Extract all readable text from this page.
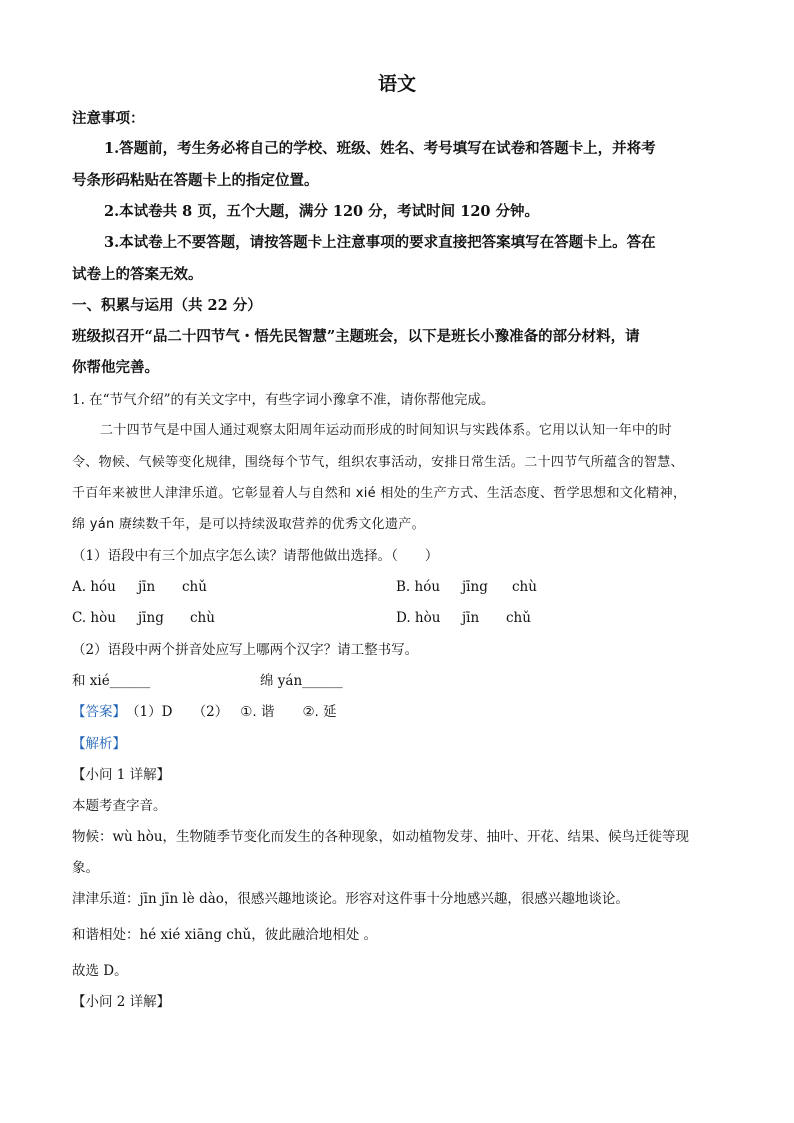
语文
注意事项：
1.答题前，考生务必将自己的学校、班级、姓名、考号填写在试卷和答题卡上，并将考
号条形码粘贴在答题卡上的指定位置。
2.本试卷共 8 页，五个大题，满分 120 分，考试时间 120 分钟。
3.本试卷上不要答题，请按答题卡上注意事项的要求直接把答案填写在答题卡上。答在
试卷上的答案无效。
一、积累与运用（共 22 分）
班级拟召开“品二十四节气・悟先民智慧”主题班会，以下是班长小豫准备的部分材料，请
你帮他完善。
1. 在“节气介绍”的有关文字中，有些字词小豫拿不准，请你帮他完成。
二十四节气是中国人通过观察太阳周年运动而形成的时间知识与实践体系。它用以认知一年中的时
令、物候、气候等变化规律，围绕每个节气，组织农事活动，安排日常生活。二十四节气所蕴含的智慧、
千百年来被世人津津乐道。它彰显着人与自然和 xié 相处的生产方式、生活态度、哲学思想和文化精神，
绵 yán 赓续数千年，是可以持续汲取营养的优秀文化遗产。
（1）语段中有三个加点字怎么读？请帮他做出选择。（　　）
A. hóu jīn chǔ	B. hóu jīng chù
C. hòu jīng chù	D. hòu jīn chǔ
（2）语段中两个拼音处应写上哪两个汉字？请工整书写。
和 xié______	绵 yán______
【答案】（1）D　　（2） ①. 谐 ②. 延
【解析】
【小问 1 详解】
本题考查字音。
物候：wù hòu，生物随季节变化而发生的各种现象，如动植物发芽、抽叶、开花、结果、候鸟迁徙等现
象。
津津乐道：jīn jīn lè dào，很感兴趣地谈论。形容对这件事十分地感兴趣，很感兴趣地谈论。
和谐相处：hé xié xiāng chǔ，彼此融洽地相处 。
故选 D。
【小问 2 详解】
